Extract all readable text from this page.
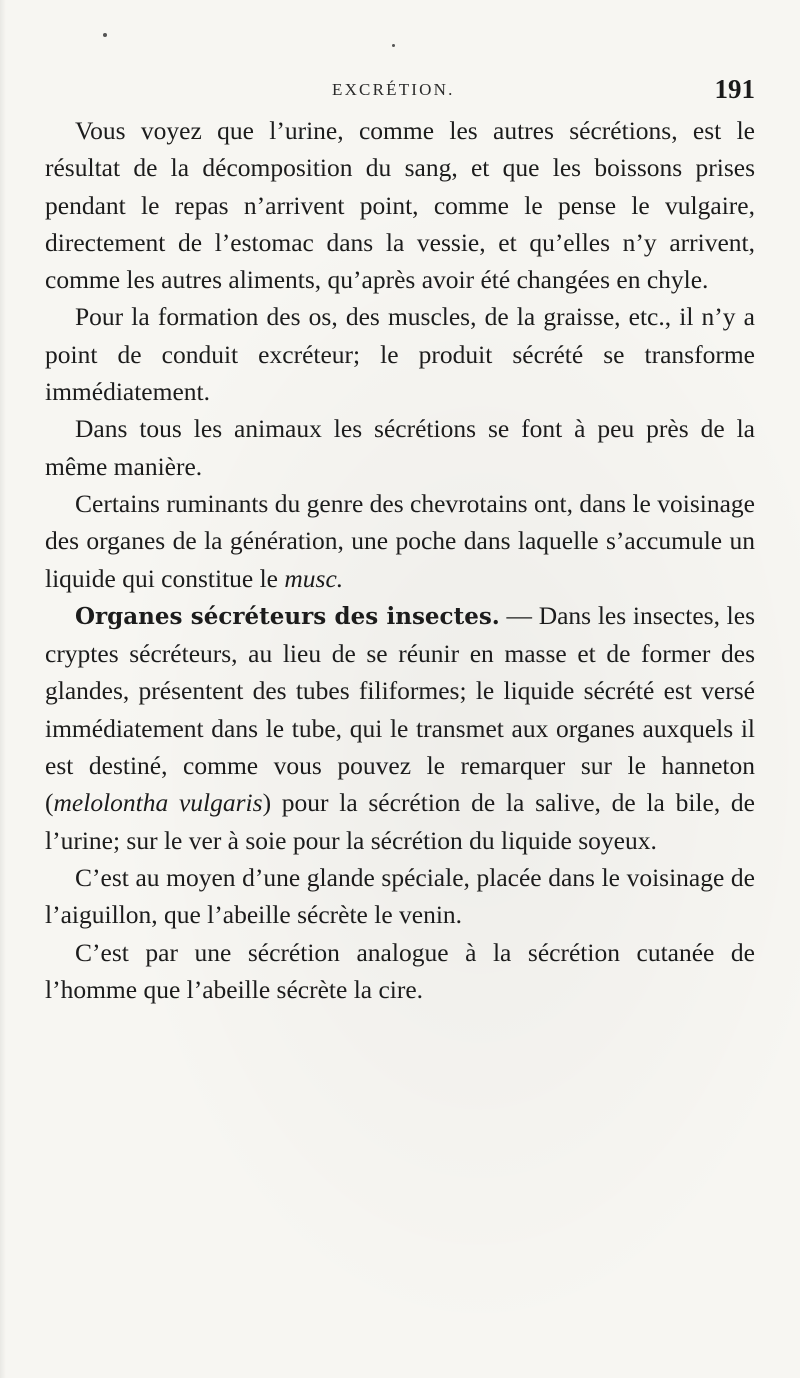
EXCRÉTION.	191

Vous voyez que l’urine, comme les autres sécrétions, est le résultat de la décomposition du sang, et que les boissons prises pendant le repas n’arrivent point, comme le pense le vulgaire, directement de l’estomac dans la vessie, et qu’elles n’y arrivent, comme les autres aliments, qu’après avoir été changées en chyle.

Pour la formation des os, des muscles, de la graisse, etc., il n’y a point de conduit excréteur; le produit sécrété se transforme immédiatement.

Dans tous les animaux les sécrétions se font à peu près de la même manière.

Certains ruminants du genre des chevrotains ont, dans le voisinage des organes de la génération, une poche dans laquelle s’accumule un liquide qui constitue le musc.

Organes sécréteurs des insectes. — Dans les insectes, les cryptes sécréteurs, au lieu de se réunir en masse et de former des glandes, présentent des tubes filiformes; le liquide sécrété est versé immédiatement dans le tube, qui le transmet aux organes auxquels il est destiné, comme vous pouvez le remarquer sur le hanneton (melolontha vulgaris) pour la sécrétion de la salive, de la bile, de l’urine; sur le ver à soie pour la sécrétion du liquide soyeux.

C’est au moyen d’une glande spéciale, placée dans le voisinage de l’aiguillon, que l’abeille sécrète le venin.

C’est par une sécrétion analogue à la sécrétion cutanée de l’homme que l’abeille sécrète la cire.
